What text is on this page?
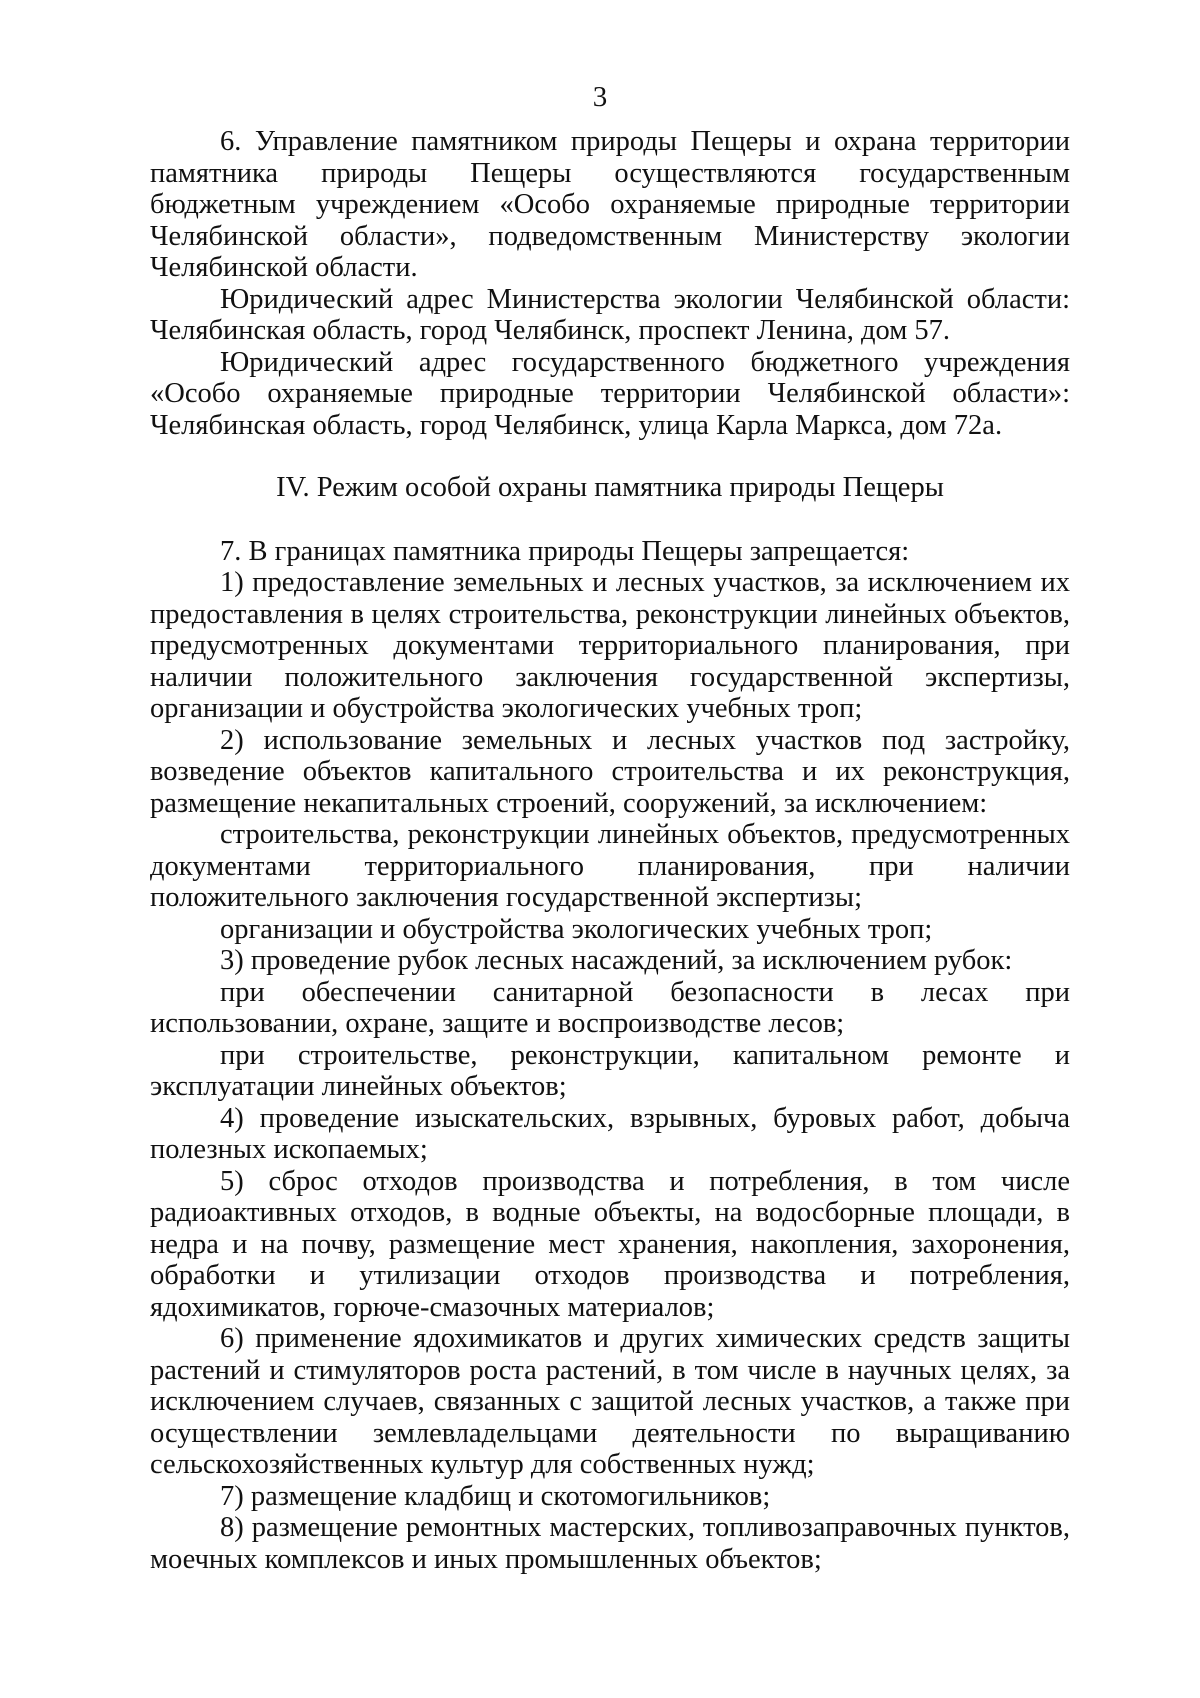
3

6. Управление памятником природы Пещеры и охрана территории памятника природы Пещеры осуществляются государственным бюджетным учреждением «Особо охраняемые природные территории Челябинской области», подведомственным Министерству экологии Челябинской области.

Юридический адрес Министерства экологии Челябинской области: Челябинская область, город Челябинск, проспект Ленина, дом 57.

Юридический адрес государственного бюджетного учреждения «Особо охраняемые природные территории Челябинской области»: Челябинская область, город Челябинск, улица Карла Маркса, дом 72а.

IV. Режим особой охраны памятника природы Пещеры

7. В границах памятника природы Пещеры запрещается:

1) предоставление земельных и лесных участков, за исключением их предоставления в целях строительства, реконструкции линейных объектов, предусмотренных документами территориального планирования, при наличии положительного заключения государственной экспертизы, организации и обустройства экологических учебных троп;

2) использование земельных и лесных участков под застройку, возведение объектов капитального строительства и их реконструкция, размещение некапитальных строений, сооружений, за исключением:

строительства, реконструкции линейных объектов, предусмотренных документами территориального планирования, при наличии положительного заключения государственной экспертизы;

организации и обустройства экологических учебных троп;

3) проведение рубок лесных насаждений, за исключением рубок:

при обеспечении санитарной безопасности в лесах при использовании, охране, защите и воспроизводстве лесов;

при строительстве, реконструкции, капитальном ремонте и эксплуатации линейных объектов;

4) проведение изыскательских, взрывных, буровых работ, добыча полезных ископаемых;

5) сброс отходов производства и потребления, в том числе радиоактивных отходов, в водные объекты, на водосборные площади, в недра и на почву, размещение мест хранения, накопления, захоронения, обработки и утилизации отходов производства и потребления, ядохимикатов, горюче-смазочных материалов;

6) применение ядохимикатов и других химических средств защиты растений и стимуляторов роста растений, в том числе в научных целях, за исключением случаев, связанных с защитой лесных участков, а также при осуществлении землевладельцами деятельности по выращиванию сельскохозяйственных культур для собственных нужд;

7) размещение кладбищ и скотомогильников;

8) размещение ремонтных мастерских, топливозаправочных пунктов, моечных комплексов и иных промышленных объектов;
